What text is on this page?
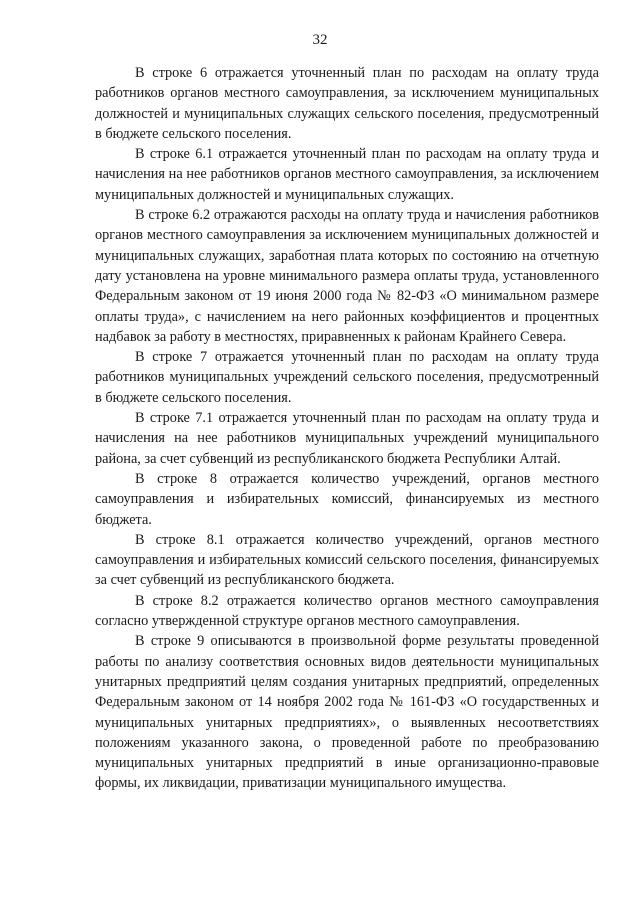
32

В строке 6 отражается уточненный план по расходам на оплату труда работников органов местного самоуправления, за исключением муниципальных должностей и муниципальных служащих сельского поселения, предусмотренный в бюджете сельского поселения.

В строке 6.1 отражается уточненный план по расходам на оплату труда и начисления на нее работников органов местного самоуправления, за исключением муниципальных должностей и муниципальных служащих.

В строке 6.2 отражаются расходы на оплату труда и начисления работников органов местного самоуправления за исключением муниципальных должностей и муниципальных служащих, заработная плата которых по состоянию на отчетную дату установлена на уровне минимального размера оплаты труда, установленного Федеральным законом от 19 июня 2000 года № 82-ФЗ «О минимальном размере оплаты труда», с начислением на него районных коэффициентов и процентных надбавок за работу в местностях, приравненных к районам Крайнего Севера.

В строке 7 отражается уточненный план по расходам на оплату труда работников муниципальных учреждений сельского поселения, предусмотренный в бюджете сельского поселения.

В строке 7.1 отражается уточненный план по расходам на оплату труда и начисления на нее работников муниципальных учреждений муниципального района, за счет субвенций из республиканского бюджета Республики Алтай.

В строке 8 отражается количество учреждений, органов местного самоуправления и избирательных комиссий, финансируемых из местного бюджета.

В строке 8.1 отражается количество учреждений, органов местного самоуправления и избирательных комиссий сельского поселения, финансируемых за счет субвенций из республиканского бюджета.

В строке 8.2 отражается количество органов местного самоуправления согласно утвержденной структуре органов местного самоуправления.

В строке 9 описываются в произвольной форме результаты проведенной работы по анализу соответствия основных видов деятельности муниципальных унитарных предприятий целям создания унитарных предприятий, определенных Федеральным законом от 14 ноября 2002 года № 161-ФЗ «О государственных и муниципальных унитарных предприятиях», о выявленных несоответствиях положениям указанного закона, о проведенной работе по преобразованию муниципальных унитарных предприятий в иные организационно-правовые формы, их ликвидации, приватизации муниципального имущества.
